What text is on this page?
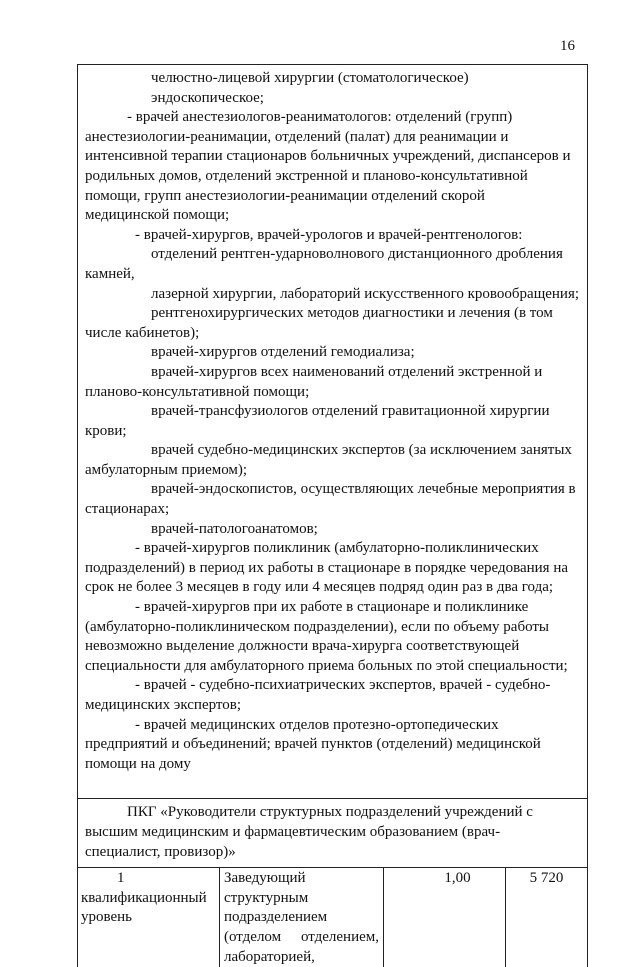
16
челюстно-лицевой хирургии (стоматологическое)
эндоскопическое;
- врачей анестезиологов-реаниматологов: отделений (групп)
анестезиологии-реанимации, отделений (палат) для реанимации и
интенсивной терапии стационаров больничных учреждений, диспансеров и
родильных домов, отделений экстренной и планово-консультативной
помощи, групп анестезиологии-реанимации отделений скорой
медицинской помощи;
- врачей-хирургов, врачей-урологов и врачей-рентгенологов:
отделений рентген-ударноволнового дистанционного дробления
камней,
лазерной хирургии, лабораторий искусственного кровообращения;
рентгенохирургических методов диагностики и лечения (в том
числе кабинетов);
врачей-хирургов отделений гемодиализа;
врачей-хирургов всех наименований отделений экстренной и
планово-консультативной помощи;
врачей-трансфузиологов отделений гравитационной хирургии
крови;
врачей судебно-медицинских экспертов (за исключением занятых
амбулаторным приемом);
врачей-эндоскопистов, осуществляющих лечебные мероприятия в
стационарах;
врачей-патологоанатомов;
- врачей-хирургов поликлиник (амбулаторно-поликлинических
подразделений) в период их работы в стационаре в порядке чередования на
срок не более 3 месяцев в году или 4 месяцев подряд один раз в два года;
- врачей-хирургов при их работе в стационаре и поликлинике
(амбулаторно-поликлиническом подразделении), если по объему работы
невозможно выделение должности врача-хирурга соответствующей
специальности для амбулаторного приема больных по этой специальности;
- врачей - судебно-психиатрических экспертов, врачей - судебно-
медицинских экспертов;
- врачей медицинских отделов протезно-ортопедических
предприятий и объединений; врачей пунктов (отделений) медицинской
помощи на дому
ПКГ «Руководители структурных подразделений учреждений с
высшим медицинским и фармацевтическим образованием (врач-
специалист, провизор)»
1
квалификационный
уровень

Заведующий
структурным
подразделением
(отделом отделением,
лабораторией,
	1,00	5 720
